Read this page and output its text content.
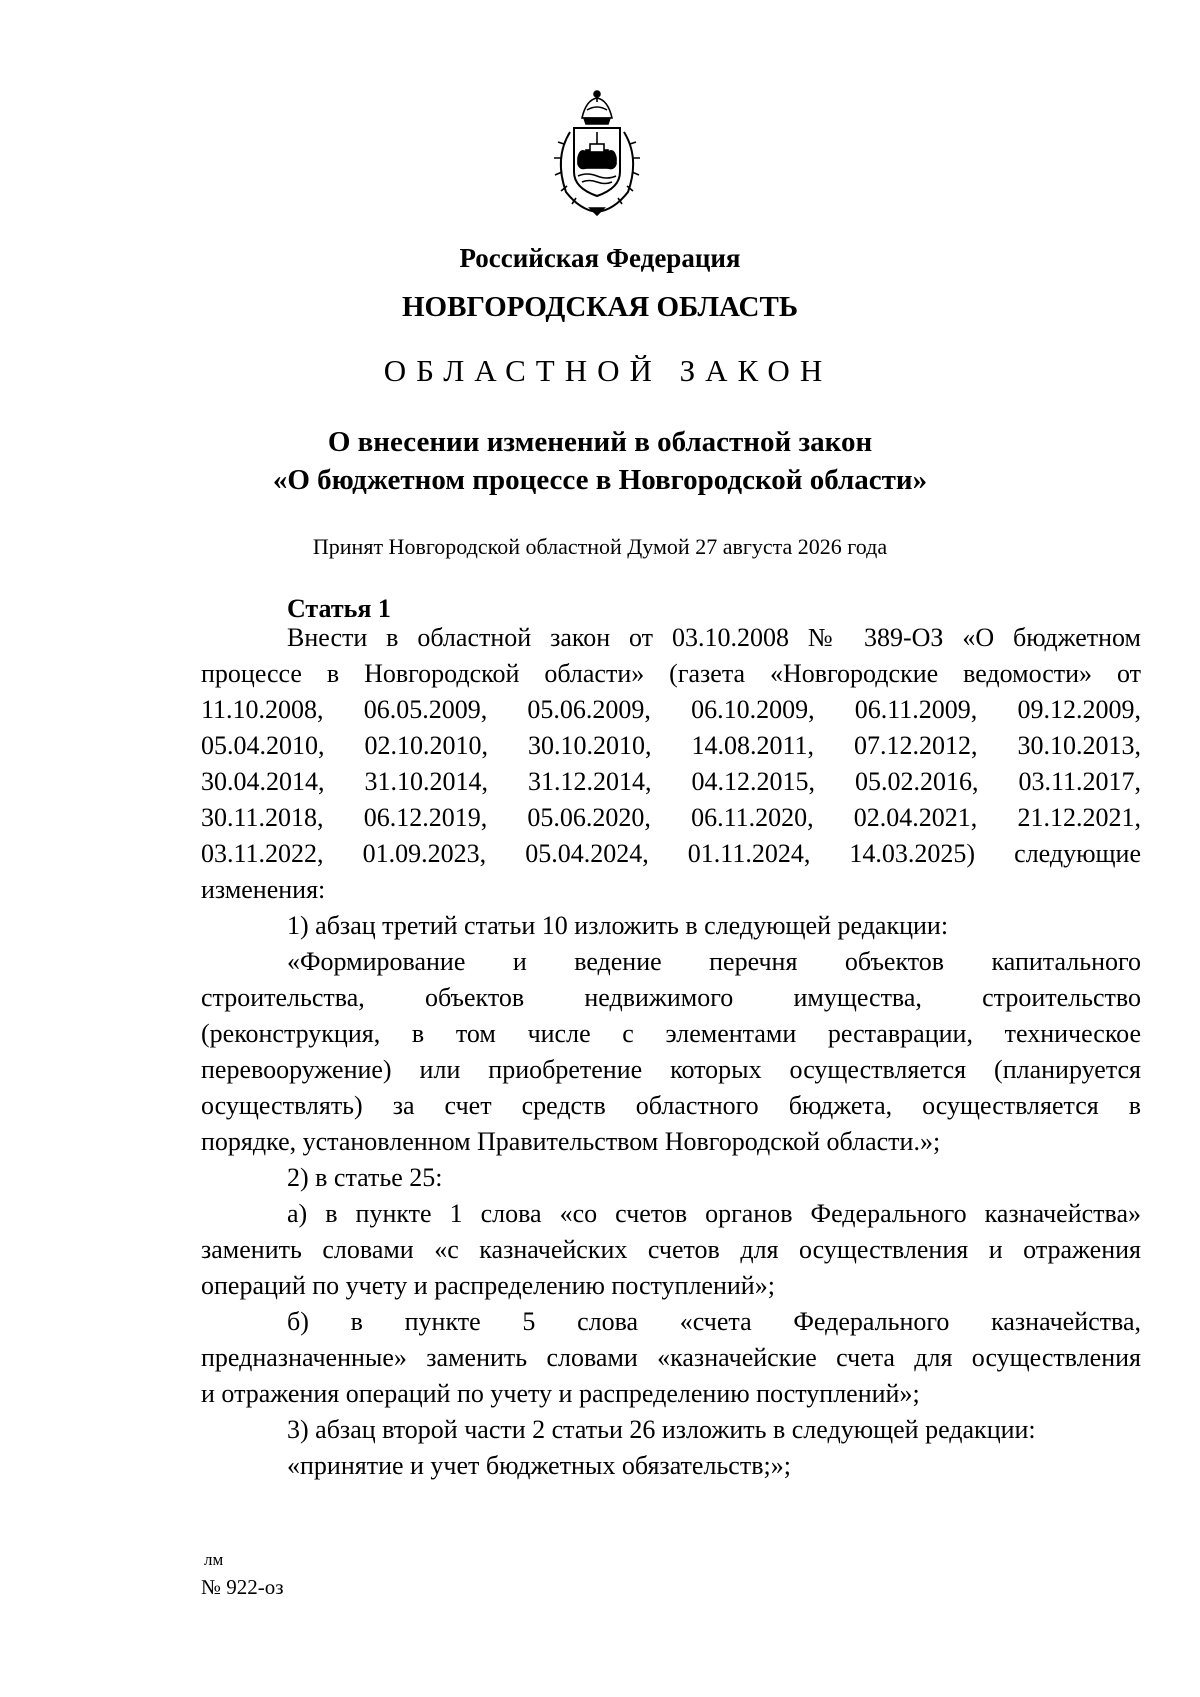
Российская Федерация
НОВГОРОДСКАЯ ОБЛАСТЬ
ОБЛАСТНОЙ ЗАКОН
О внесении изменений в областной закон
«О бюджетном процессе в Новгородской области»
Принят Новгородской областной Думой 27 августа 2026 года
Статья 1

Внести в областной закон от 03.10.2008 № 389-ОЗ «О бюджетном

процессе в Новгородской области» (газета «Новгородские ведомости» от

11.10.2008, 06.05.2009, 05.06.2009, 06.10.2009, 06.11.2009, 09.12.2009,

05.04.2010, 02.10.2010, 30.10.2010, 14.08.2011, 07.12.2012, 30.10.2013,

30.04.2014, 31.10.2014, 31.12.2014, 04.12.2015, 05.02.2016, 03.11.2017,

30.11.2018, 06.12.2019, 05.06.2020, 06.11.2020, 02.04.2021, 21.12.2021,

03.11.2022, 01.09.2023, 05.04.2024, 01.11.2024, 14.03.2025) следующие

изменения:

1) абзац третий статьи 10 изложить в следующей редакции:

«Формирование и ведение перечня объектов капитального

строительства, объектов недвижимого имущества, строительство

(реконструкция, в том числе с элементами реставрации, техническое

перевооружение) или приобретение которых осуществляется (планируется

осуществлять) за счет средств областного бюджета, осуществляется в

порядке, установленном Правительством Новгородской области.»;

2) в статье 25:

а) в пункте 1 слова «со счетов органов Федерального казначейства»

заменить словами «с казначейских счетов для осуществления и отражения

операций по учету и распределению поступлений»;

б) в пункте 5 слова «счета Федерального казначейства,

предназначенные» заменить словами «казначейские счета для осуществления

и отражения операций по учету и распределению поступлений»;

3) абзац второй части 2 статьи 26 изложить в следующей редакции:

«принятие и учет бюджетных обязательств;»;

лм
№ 922-оз
